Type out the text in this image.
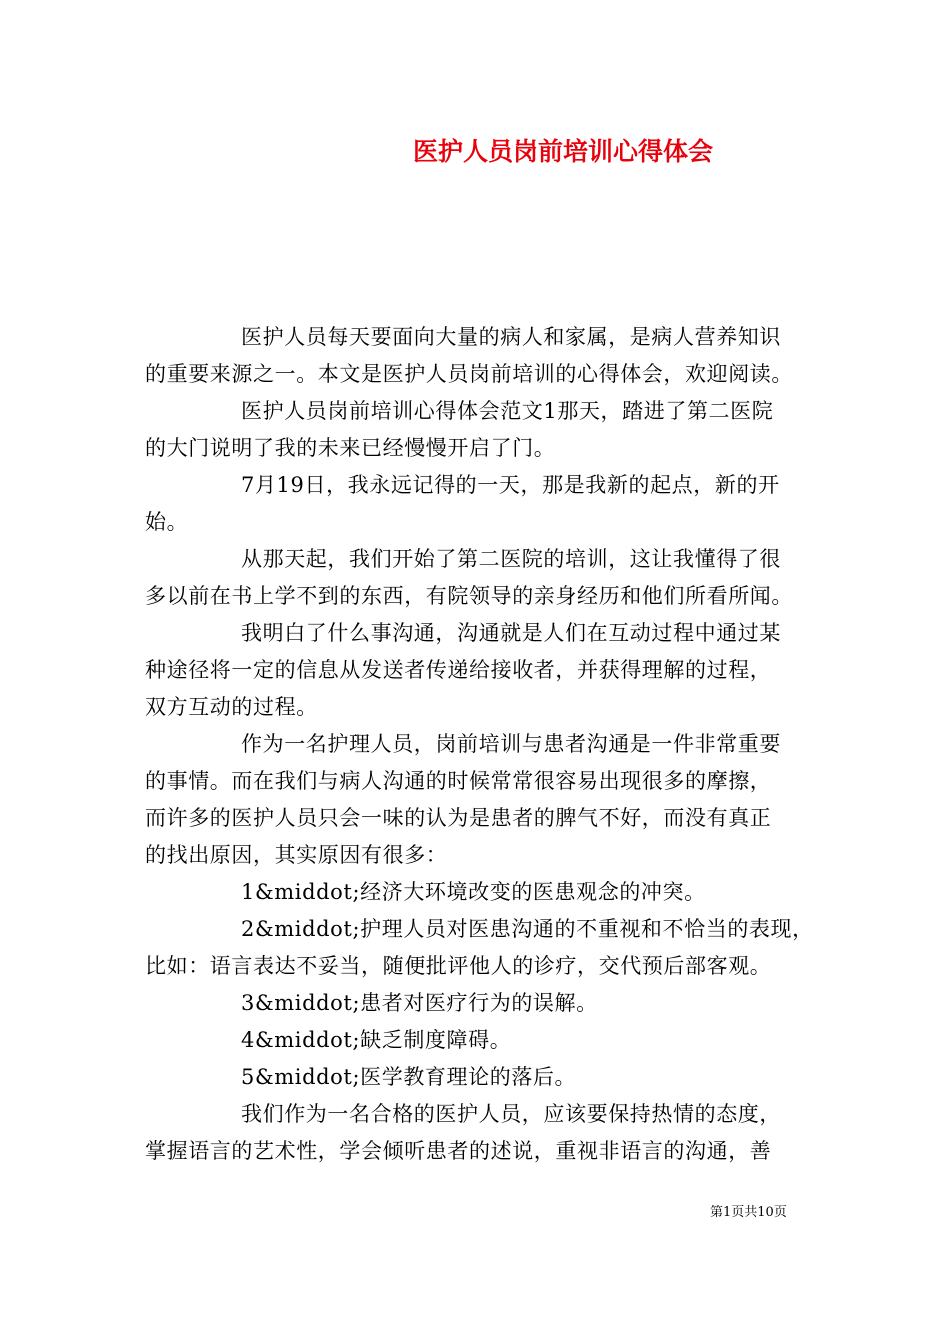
医护人员岗前培训心得体会

医护人员每天要面向大量的病人和家属，是病人营养知识
的重要来源之一。本文是医护人员岗前培训的心得体会，欢迎阅读。

医护人员岗前培训心得体会范文1那天，踏进了第二医院
的大门说明了我的未来已经慢慢开启了门。

7月19日，我永远记得的一天，那是我新的起点，新的开
始。

从那天起，我们开始了第二医院的培训，这让我懂得了很
多以前在书上学不到的东西，有院领导的亲身经历和他们所看所闻。

我明白了什么事沟通，沟通就是人们在互动过程中通过某
种途径将一定的信息从发送者传递给接收者，并获得理解的过程，
双方互动的过程。

作为一名护理人员，岗前培训与患者沟通是一件非常重要
的事情。而在我们与病人沟通的时候常常很容易出现很多的摩擦，
而许多的医护人员只会一味的认为是患者的脾气不好，而没有真正
的找出原因，其实原因有很多：

1&middot;经济大环境改变的医患观念的冲突。

2&middot;护理人员对医患沟通的不重视和不恰当的表现，
比如：语言表达不妥当，随便批评他人的诊疗，交代预后部客观。

3&middot;患者对医疗行为的误解。

4&middot;缺乏制度障碍。

5&middot;医学教育理论的落后。

我们作为一名合格的医护人员，应该要保持热情的态度，
掌握语言的艺术性，学会倾听患者的述说，重视非语言的沟通，善

第1页共10页
